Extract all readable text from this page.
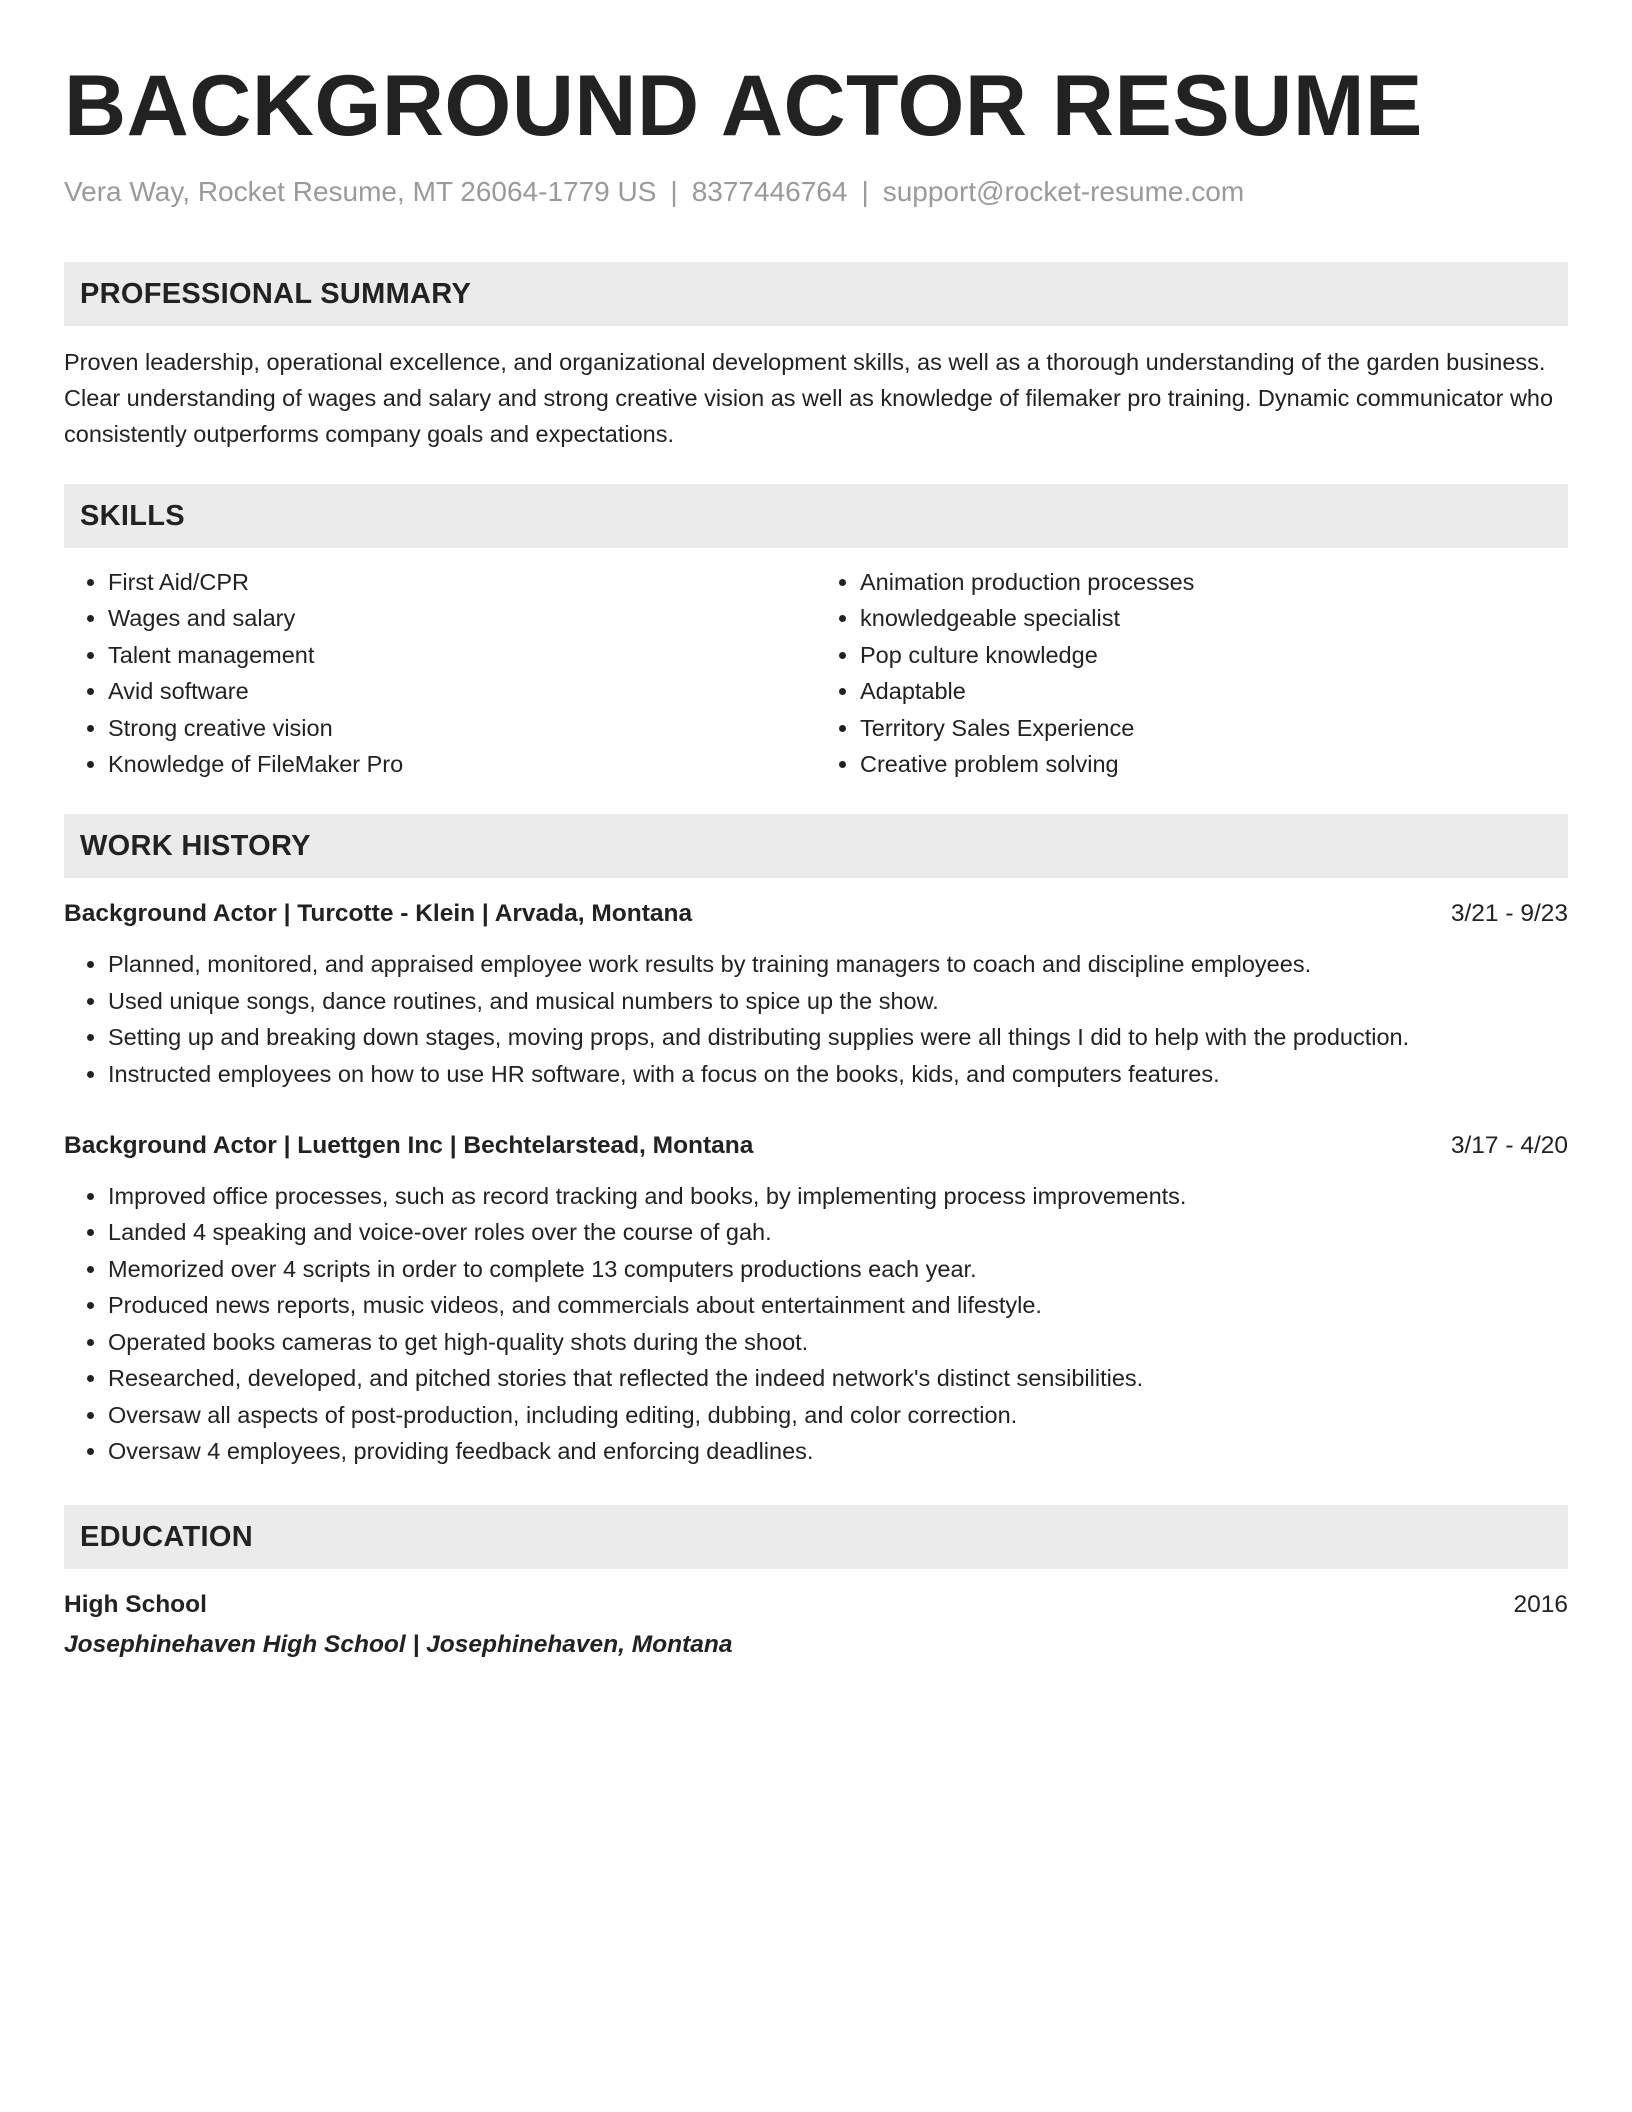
BACKGROUND ACTOR RESUME
Vera Way, Rocket Resume, MT 26064-1779 US | 8377446764 | support@rocket-resume.com
PROFESSIONAL SUMMARY
Proven leadership, operational excellence, and organizational development skills, as well as a thorough understanding of the garden business. Clear understanding of wages and salary and strong creative vision as well as knowledge of filemaker pro training. Dynamic communicator who consistently outperforms company goals and expectations.
SKILLS
• First Aid/CPR
• Wages and salary
• Talent management
• Avid software
• Strong creative vision
• Knowledge of FileMaker Pro
• Animation production processes
• knowledgeable specialist
• Pop culture knowledge
• Adaptable
• Territory Sales Experience
• Creative problem solving
WORK HISTORY
Background Actor | Turcotte - Klein | Arvada, Montana	3/21 - 9/23
• Planned, monitored, and appraised employee work results by training managers to coach and discipline employees.
• Used unique songs, dance routines, and musical numbers to spice up the show.
• Setting up and breaking down stages, moving props, and distributing supplies were all things I did to help with the production.
• Instructed employees on how to use HR software, with a focus on the books, kids, and computers features.
Background Actor | Luettgen Inc | Bechtelarstead, Montana	3/17 - 4/20
• Improved office processes, such as record tracking and books, by implementing process improvements.
• Landed 4 speaking and voice-over roles over the course of gah.
• Memorized over 4 scripts in order to complete 13 computers productions each year.
• Produced news reports, music videos, and commercials about entertainment and lifestyle.
• Operated books cameras to get high-quality shots during the shoot.
• Researched, developed, and pitched stories that reflected the indeed network's distinct sensibilities.
• Oversaw all aspects of post-production, including editing, dubbing, and color correction.
• Oversaw 4 employees, providing feedback and enforcing deadlines.
EDUCATION
High School	2016
Josephinehaven High School | Josephinehaven, Montana
